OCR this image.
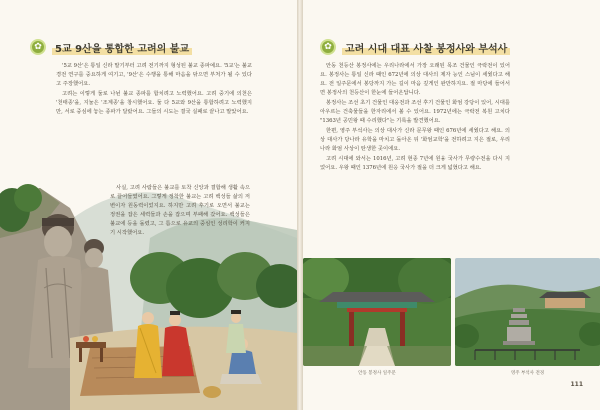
✿	5교 9산을 통합한 고려의 불교

'5교 9산'은 통일 신라 말기부터 고려 전기까지 형성된 불교 종파예요. '5교'는 불교 경전 연구를 중요하게 여기고, '9산'은 수행을 통해 마음을 닦으면 부처가 될 수 있다고 주장했어요.

고려는 이렇게 둘로 나뉜 불교 종파를 합치려고 노력했어요. 고려 중기에 의천은 '천태종'을, 지눌은 '조계종'을 창시했어요. 둘 다 5교와 9산을 통합하려고 노력했지만, 서로 중심에 놓는 종파가 달랐어요. 그들의 시도는 결국 실패로 끝나고 말았어요.

사실, 고려 사람들은 불교를 토착 신앙과 결합해 생활 속으로 끌어들였어요. 그렇게 정착한 불교는 고려 백성들 삶의 저변이자 원동력이었지요. 하지만 고려 후기로 오면서 불교는 정권을 잡은 세력들과 손을 잡으며 부패해 갔어요. 백성들은 불교에 등을 돌렸고, 그 틈으로 유교의 중심인 성리학이 커지기 시작했어요.

✿	고려 시대 대표 사찰 봉정사와 부석사

안동 천등산 봉정사에는 우리나라에서 가장 오래된 목조 건물인 극락전이 있어요. 봉정사는 통일 신라 때인 672년에 의상 대사의 제자 능인 스님이 세웠다고 해요. 전 일주문에서 봉당까지 가는 길이 마음 깊게인 완만하지요. 절 마당에 들어서면 봉정사의 천등산이 한눈에 들어온답니다.

봉정사는 조선 초기 건물인 대웅전과 조선 후기 건물인 화엄 강당이 있어, 시대를 아우르는 건축물들을 한자리에서 볼 수 있어요. 1972년에는 극락전 복원 고치다 "1363년 공민왕 때 수리했다"는 기록을 발견했어요.

한편, 영주 부석사는 의상 대사가 신라 문무왕 때인 676년에 세웠다고 해요. 의상 대사가 당나라 유학을 마치고 돌아온 뒤 '화엄교학'을 전하려고 지은 절로, 우리나라 화엄 사상이 탄생한 곳이에요.

고려 시대에 와서는 1016년, 고려 현종 7년에 원융 국사가 무량수전을 다시 지었어요. 우왕 때인 1376년에 원응 국사가 절을 더 크게 넓혔다고 해요.

안동 봉정사 일주문	영주 부석사 전경
111
